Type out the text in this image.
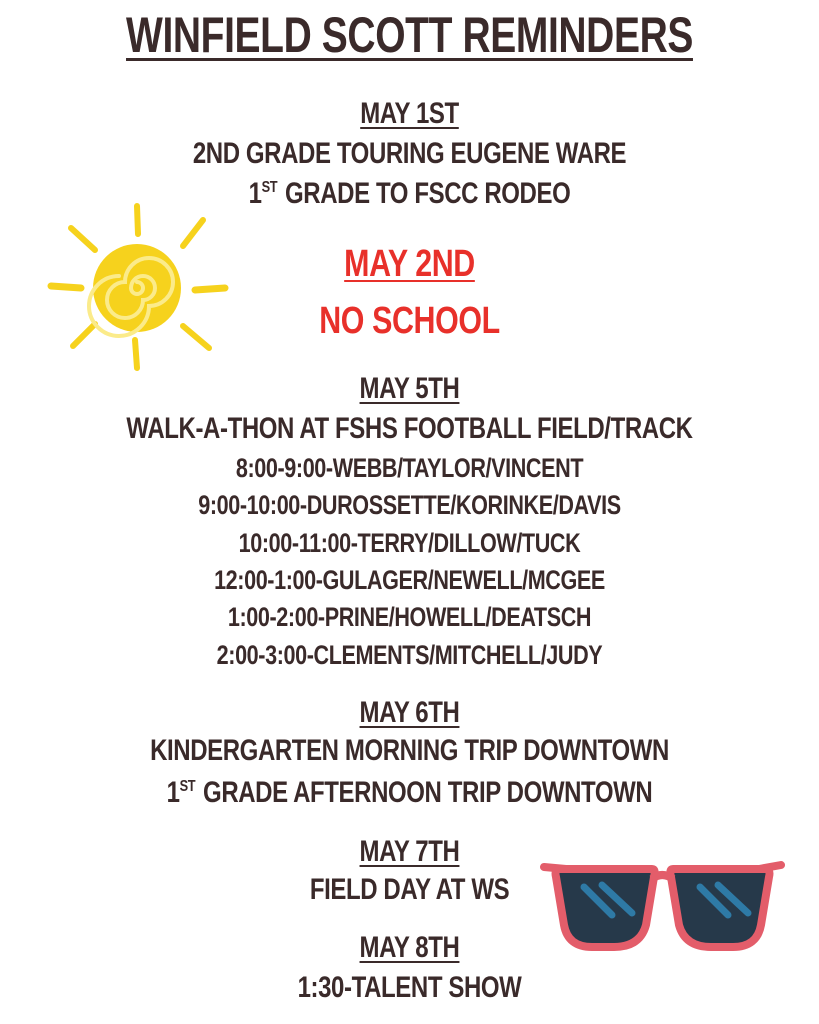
WINFIELD SCOTT REMINDERS
MAY 1ST
2ND GRADE TOURING EUGENE WARE
1ST GRADE TO FSCC RODEO
MAY 2ND
NO SCHOOL
MAY 5TH
WALK-A-THON AT FSHS FOOTBALL FIELD/TRACK
8:00-9:00-WEBB/TAYLOR/VINCENT
9:00-10:00-DUROSSETTE/KORINKE/DAVIS
10:00-11:00-TERRY/DILLOW/TUCK
12:00-1:00-GULAGER/NEWELL/MCGEE
1:00-2:00-PRINE/HOWELL/DEATSCH
2:00-3:00-CLEMENTS/MITCHELL/JUDY
MAY 6TH
KINDERGARTEN MORNING TRIP DOWNTOWN
1ST GRADE AFTERNOON TRIP DOWNTOWN
MAY 7TH
FIELD DAY AT WS
MAY 8TH
1:30-TALENT SHOW
